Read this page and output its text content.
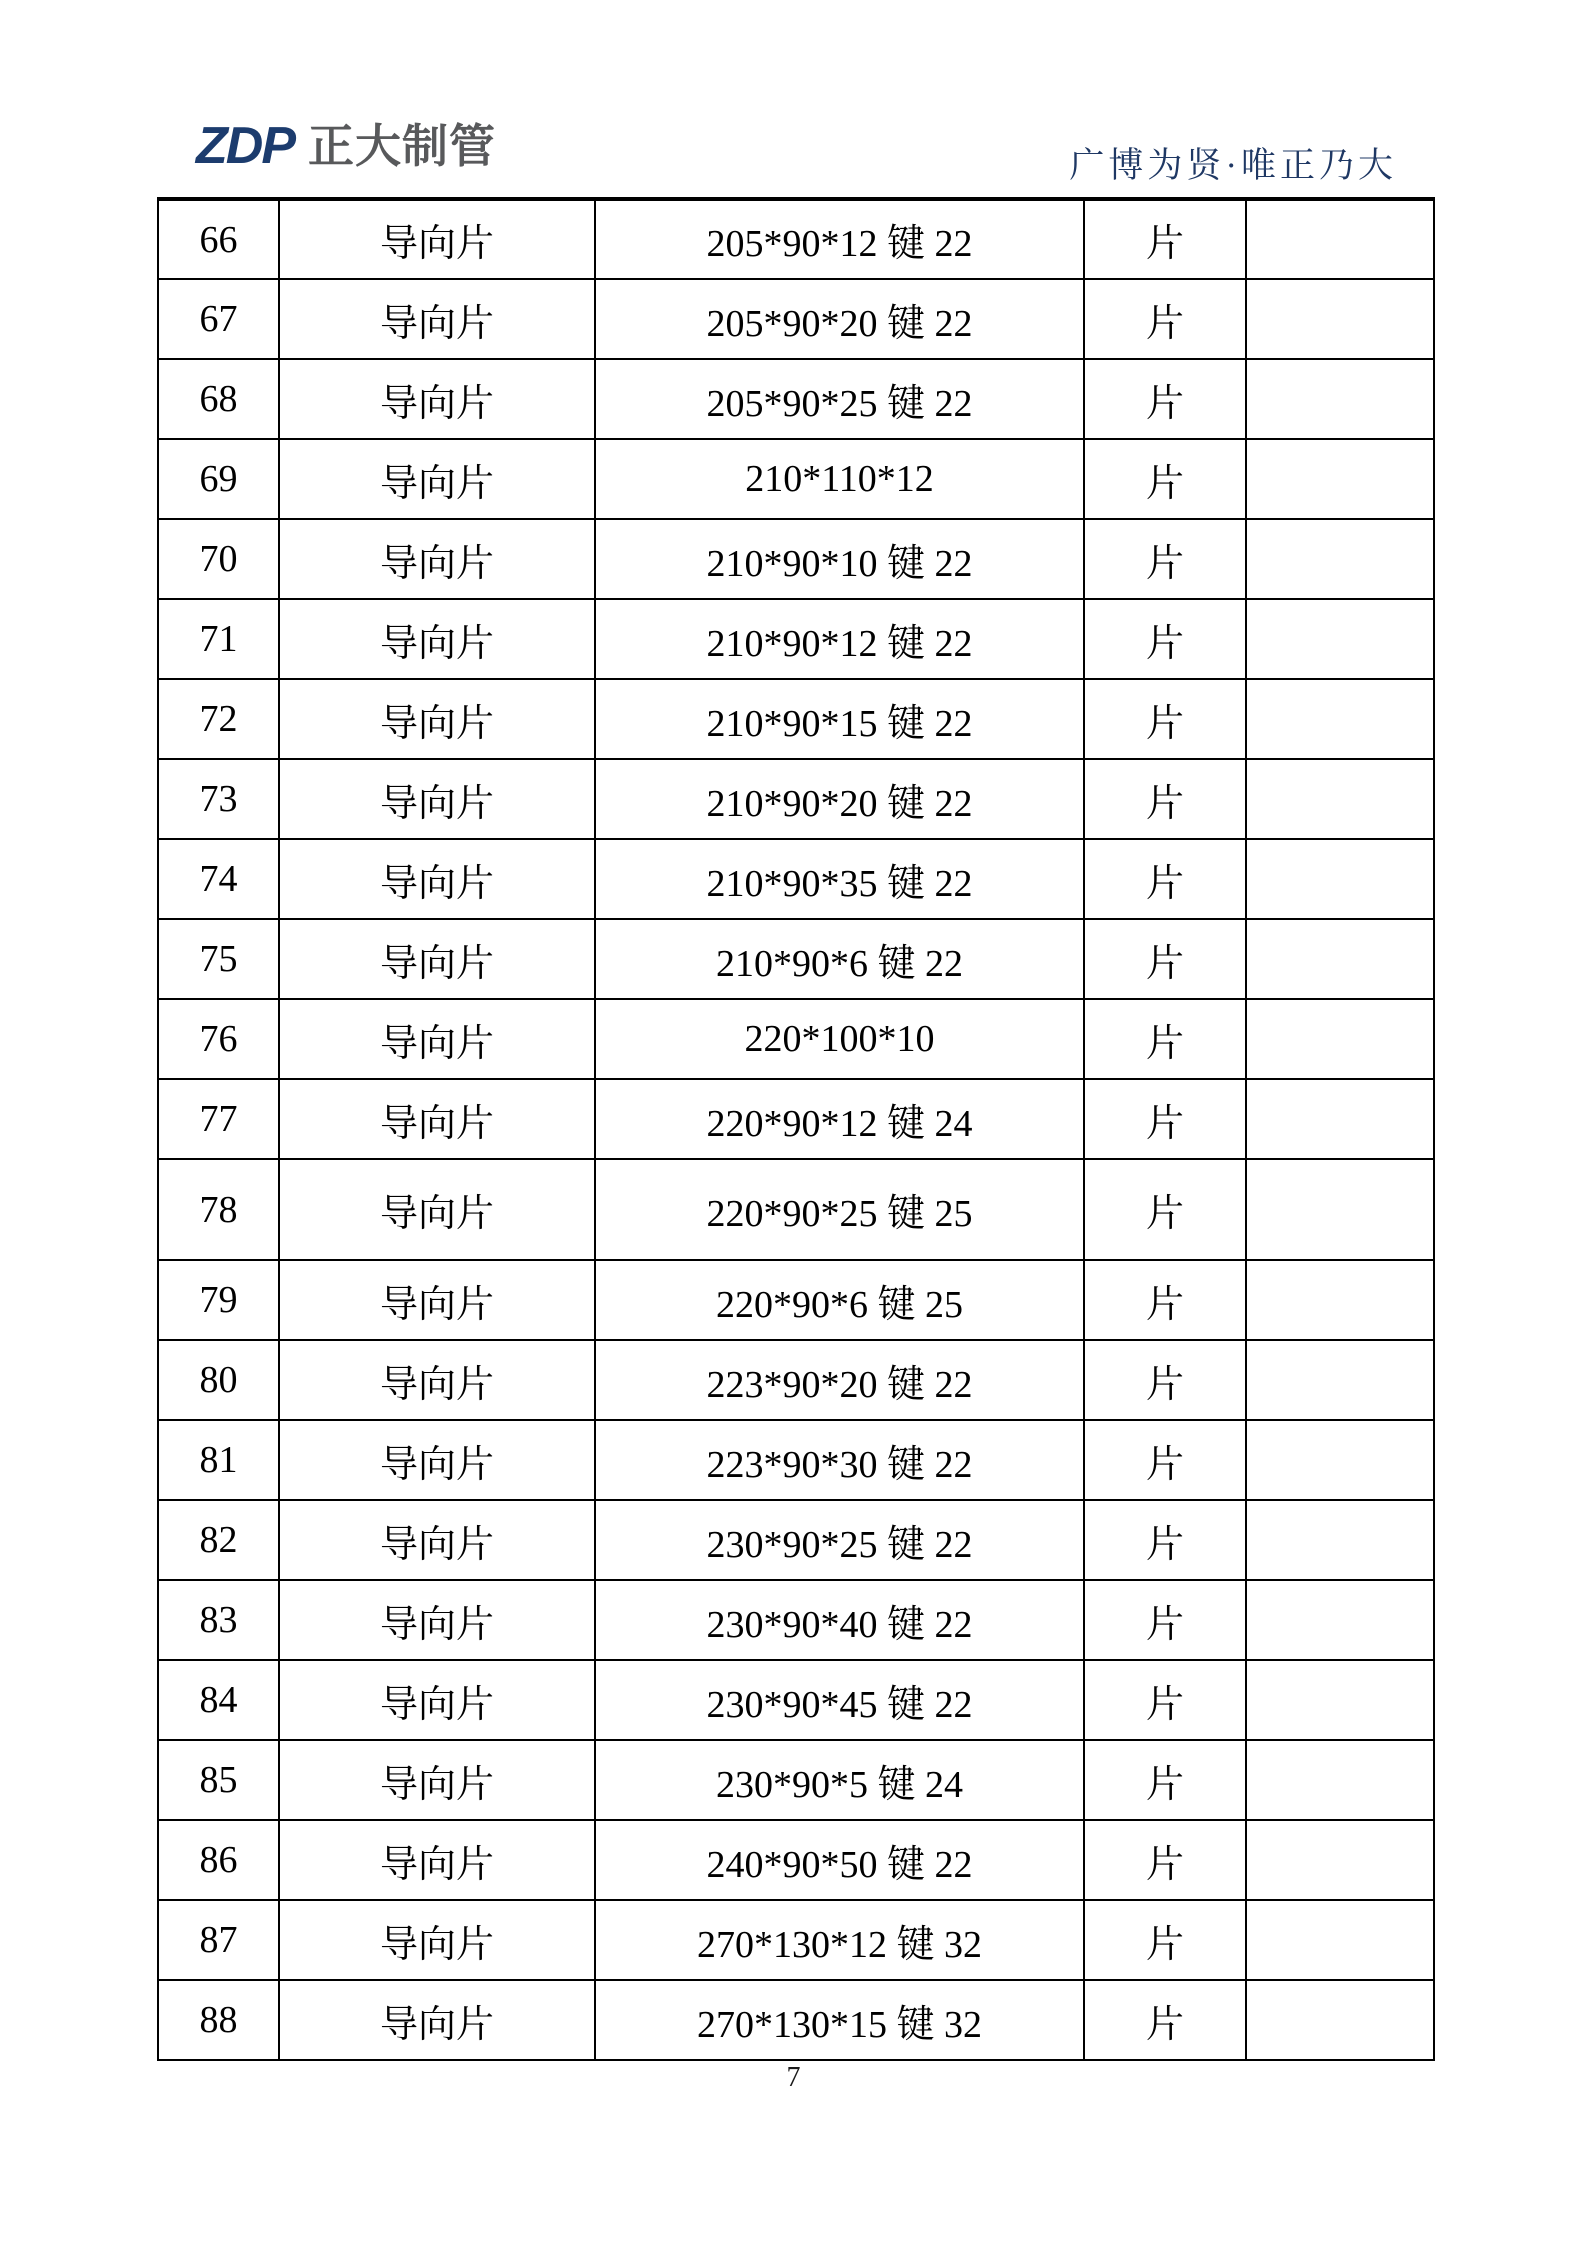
ZDP 正大制管	广博为贤·唯正乃大
66	导向片	205*90*12 键 22	片	
67	导向片	205*90*20 键 22	片	
68	导向片	205*90*25 键 22	片	
69	导向片	210*110*12	片	
70	导向片	210*90*10 键 22	片	
71	导向片	210*90*12 键 22	片	
72	导向片	210*90*15 键 22	片	
73	导向片	210*90*20 键 22	片	
74	导向片	210*90*35 键 22	片	
75	导向片	210*90*6 键 22	片	
76	导向片	220*100*10	片	
77	导向片	220*90*12 键 24	片	
78	导向片	220*90*25 键 25	片	
79	导向片	220*90*6 键 25	片	
80	导向片	223*90*20 键 22	片	
81	导向片	223*90*30 键 22	片	
82	导向片	230*90*25 键 22	片	
83	导向片	230*90*40 键 22	片	
84	导向片	230*90*45 键 22	片	
85	导向片	230*90*5 键 24	片	
86	导向片	240*90*50 键 22	片	
87	导向片	270*130*12 键 32	片	
88	导向片	270*130*15 键 32	片	
7
